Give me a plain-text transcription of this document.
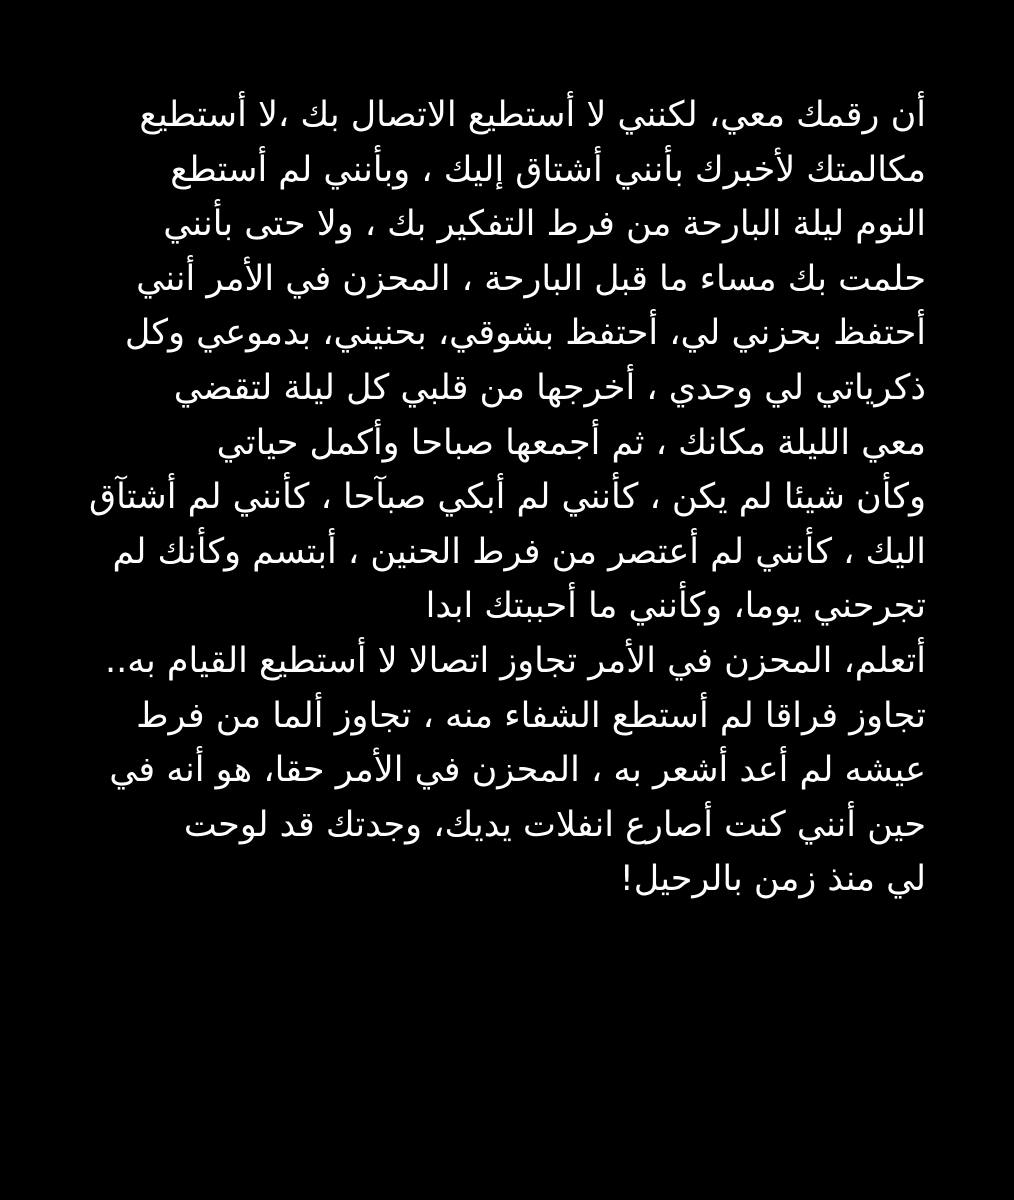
أن رقمك معي، لكنني لا أستطيع الاتصال بك ،لا أستطيع
مكالمتك لأخبرك بأنني أشتاق إليك ، وبأنني لم أستطع
النوم ليلة البارحة من فرط التفكير بك ، ولا حتى بأنني
حلمت بك مساء ما قبل البارحة ، المحزن في الأمر أنني
أحتفظ بحزني لي، أحتفظ بشوقي، بحنيني، بدموعي وكل
ذكرياتي لي وحدي ، أخرجها من قلبي كل ليلة لتقضي
معي الليلة مكانك ، ثم أجمعها صباحا وأكمل حياتي
وكأن شيئا لم يكن ، كأنني لم أبكي صبآحا ، كأنني لم أشتآق
اليك ، كأنني لم أعتصر من فرط الحنين ، أبتسم وكأنك لم
تجرحني يوما، وكأنني ما أحببتك ابدا
أتعلم، المحزن في الأمر تجاوز اتصالا لا أستطيع القيام به..
تجاوز فراقا لم أستطع الشفاء منه ، تجاوز ألما من فرط
عيشه لم أعد أشعر به ، المحزن في الأمر حقا، هو أنه في
حين أنني كنت أصارع انفلات يديك، وجدتك قد لوحت
لي منذ زمن بالرحيل!
